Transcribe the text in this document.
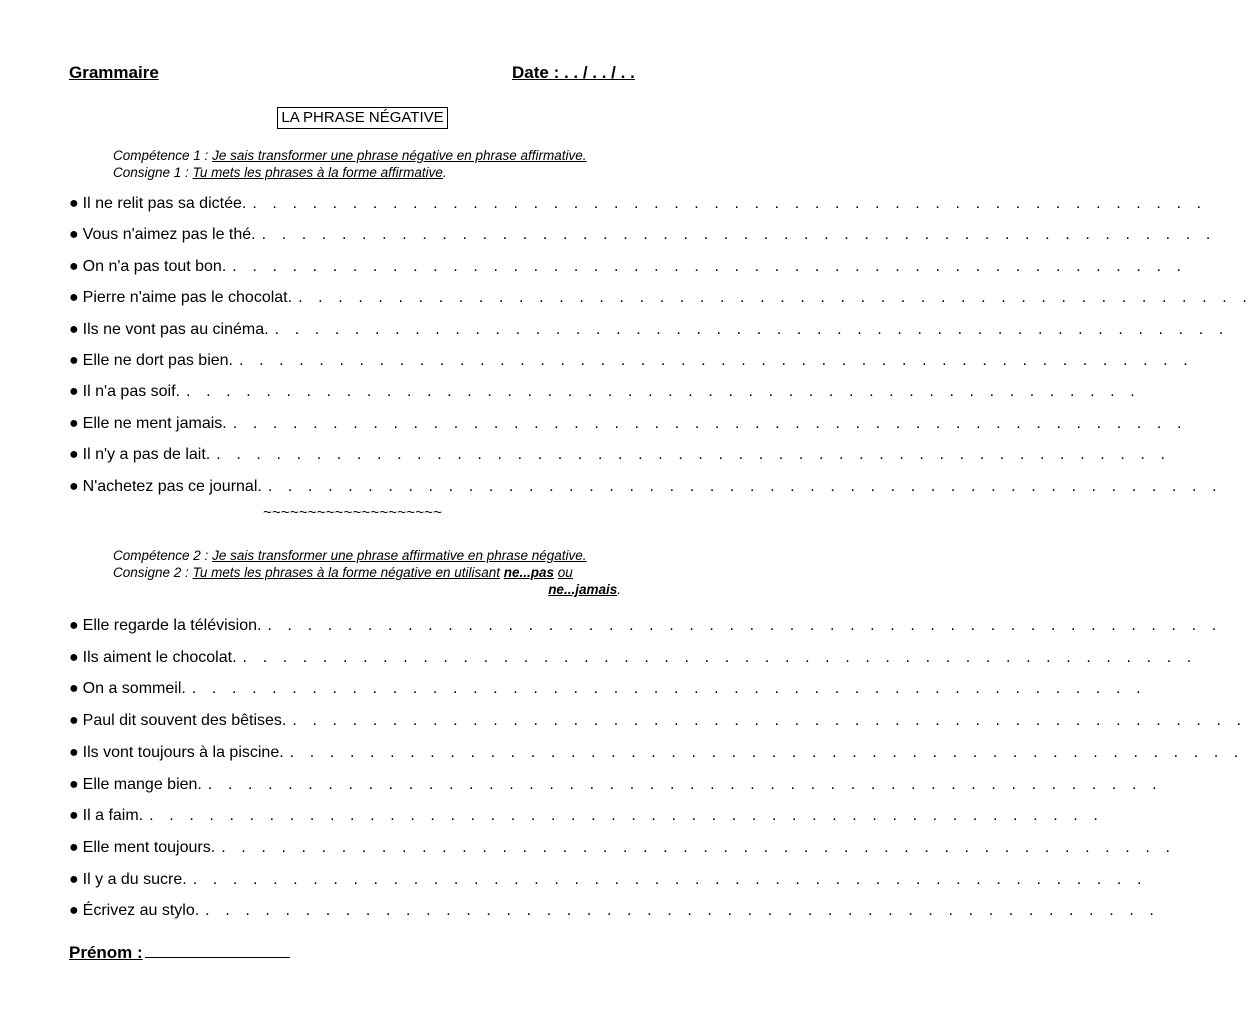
Grammaire	Date : . . / . . / . .
LA PHRASE NÉGATIVE
Compétence 1 : Je sais transformer une phrase négative en phrase affirmative.
Consigne 1 : Tu mets les phrases à la forme affirmative.
● Il ne relit pas sa dictée. . . . . . . . . . . . . . . . . . . . . . . . . . . . . . . . . . . . . . . . . . . . . . . . .
● Vous n'aimez pas le thé. . . . . . . . . . . . . . . . . . . . . . . . . . . . . . . . . . . . . . . . . . . . . . . . .
● On n'a pas tout bon. . . . . . . . . . . . . . . . . . . . . . . . . . . . . . . . . . . . . . . . . . . . . . . . .
● Pierre n'aime pas le chocolat. . . . . . . . . . . . . . . . . . . . . . . . . . . . . . . . . . . . . . . . . . . . . . . . .
● Ils ne vont pas au cinéma. . . . . . . . . . . . . . . . . . . . . . . . . . . . . . . . . . . . . . . . . . . . . . . . .
● Elle ne dort pas bien. . . . . . . . . . . . . . . . . . . . . . . . . . . . . . . . . . . . . . . . . . . . . . . . .
● Il n'a pas soif. . . . . . . . . . . . . . . . . . . . . . . . . . . . . . . . . . . . . . . . . . . . . . . . .
● Elle ne ment jamais. . . . . . . . . . . . . . . . . . . . . . . . . . . . . . . . . . . . . . . . . . . . . . . . .
● Il n'y a pas de lait. . . . . . . . . . . . . . . . . . . . . . . . . . . . . . . . . . . . . . . . . . . . . . . . .
● N'achetez pas ce journal. . . . . . . . . . . . . . . . . . . . . . . . . . . . . . . . . . . . . . . . . . . . . . . . .
~~~~~~~~~~~~~~~~~~~~
Compétence 2 : Je sais transformer une phrase affirmative en phrase négative.
Consigne 2 : Tu mets les phrases à la forme négative en utilisant ne...pas ou
ne...jamais.
● Elle regarde la télévision. . . . . . . . . . . . . . . . . . . . . . . . . . . . . . . . . . . . . . . . . . . . . . . . .
● Ils aiment le chocolat. . . . . . . . . . . . . . . . . . . . . . . . . . . . . . . . . . . . . . . . . . . . . . . . .
● On a sommeil. . . . . . . . . . . . . . . . . . . . . . . . . . . . . . . . . . . . . . . . . . . . . . . . .
● Paul dit souvent des bêtises. . . . . . . . . . . . . . . . . . . . . . . . . . . . . . . . . . . . . . . . . . . . . . . . .
● Ils vont toujours à la piscine. . . . . . . . . . . . . . . . . . . . . . . . . . . . . . . . . . . . . . . . . . . . . . . . .
● Elle mange bien. . . . . . . . . . . . . . . . . . . . . . . . . . . . . . . . . . . . . . . . . . . . . . . . .
● Il a faim. . . . . . . . . . . . . . . . . . . . . . . . . . . . . . . . . . . . . . . . . . . . . . . . .
● Elle ment toujours. . . . . . . . . . . . . . . . . . . . . . . . . . . . . . . . . . . . . . . . . . . . . . . . .
● Il y a du sucre. . . . . . . . . . . . . . . . . . . . . . . . . . . . . . . . . . . . . . . . . . . . . . . . .
● Écrivez au stylo. . . . . . . . . . . . . . . . . . . . . . . . . . . . . . . . . . . . . . . . . . . . . . . . .
Prénom :
